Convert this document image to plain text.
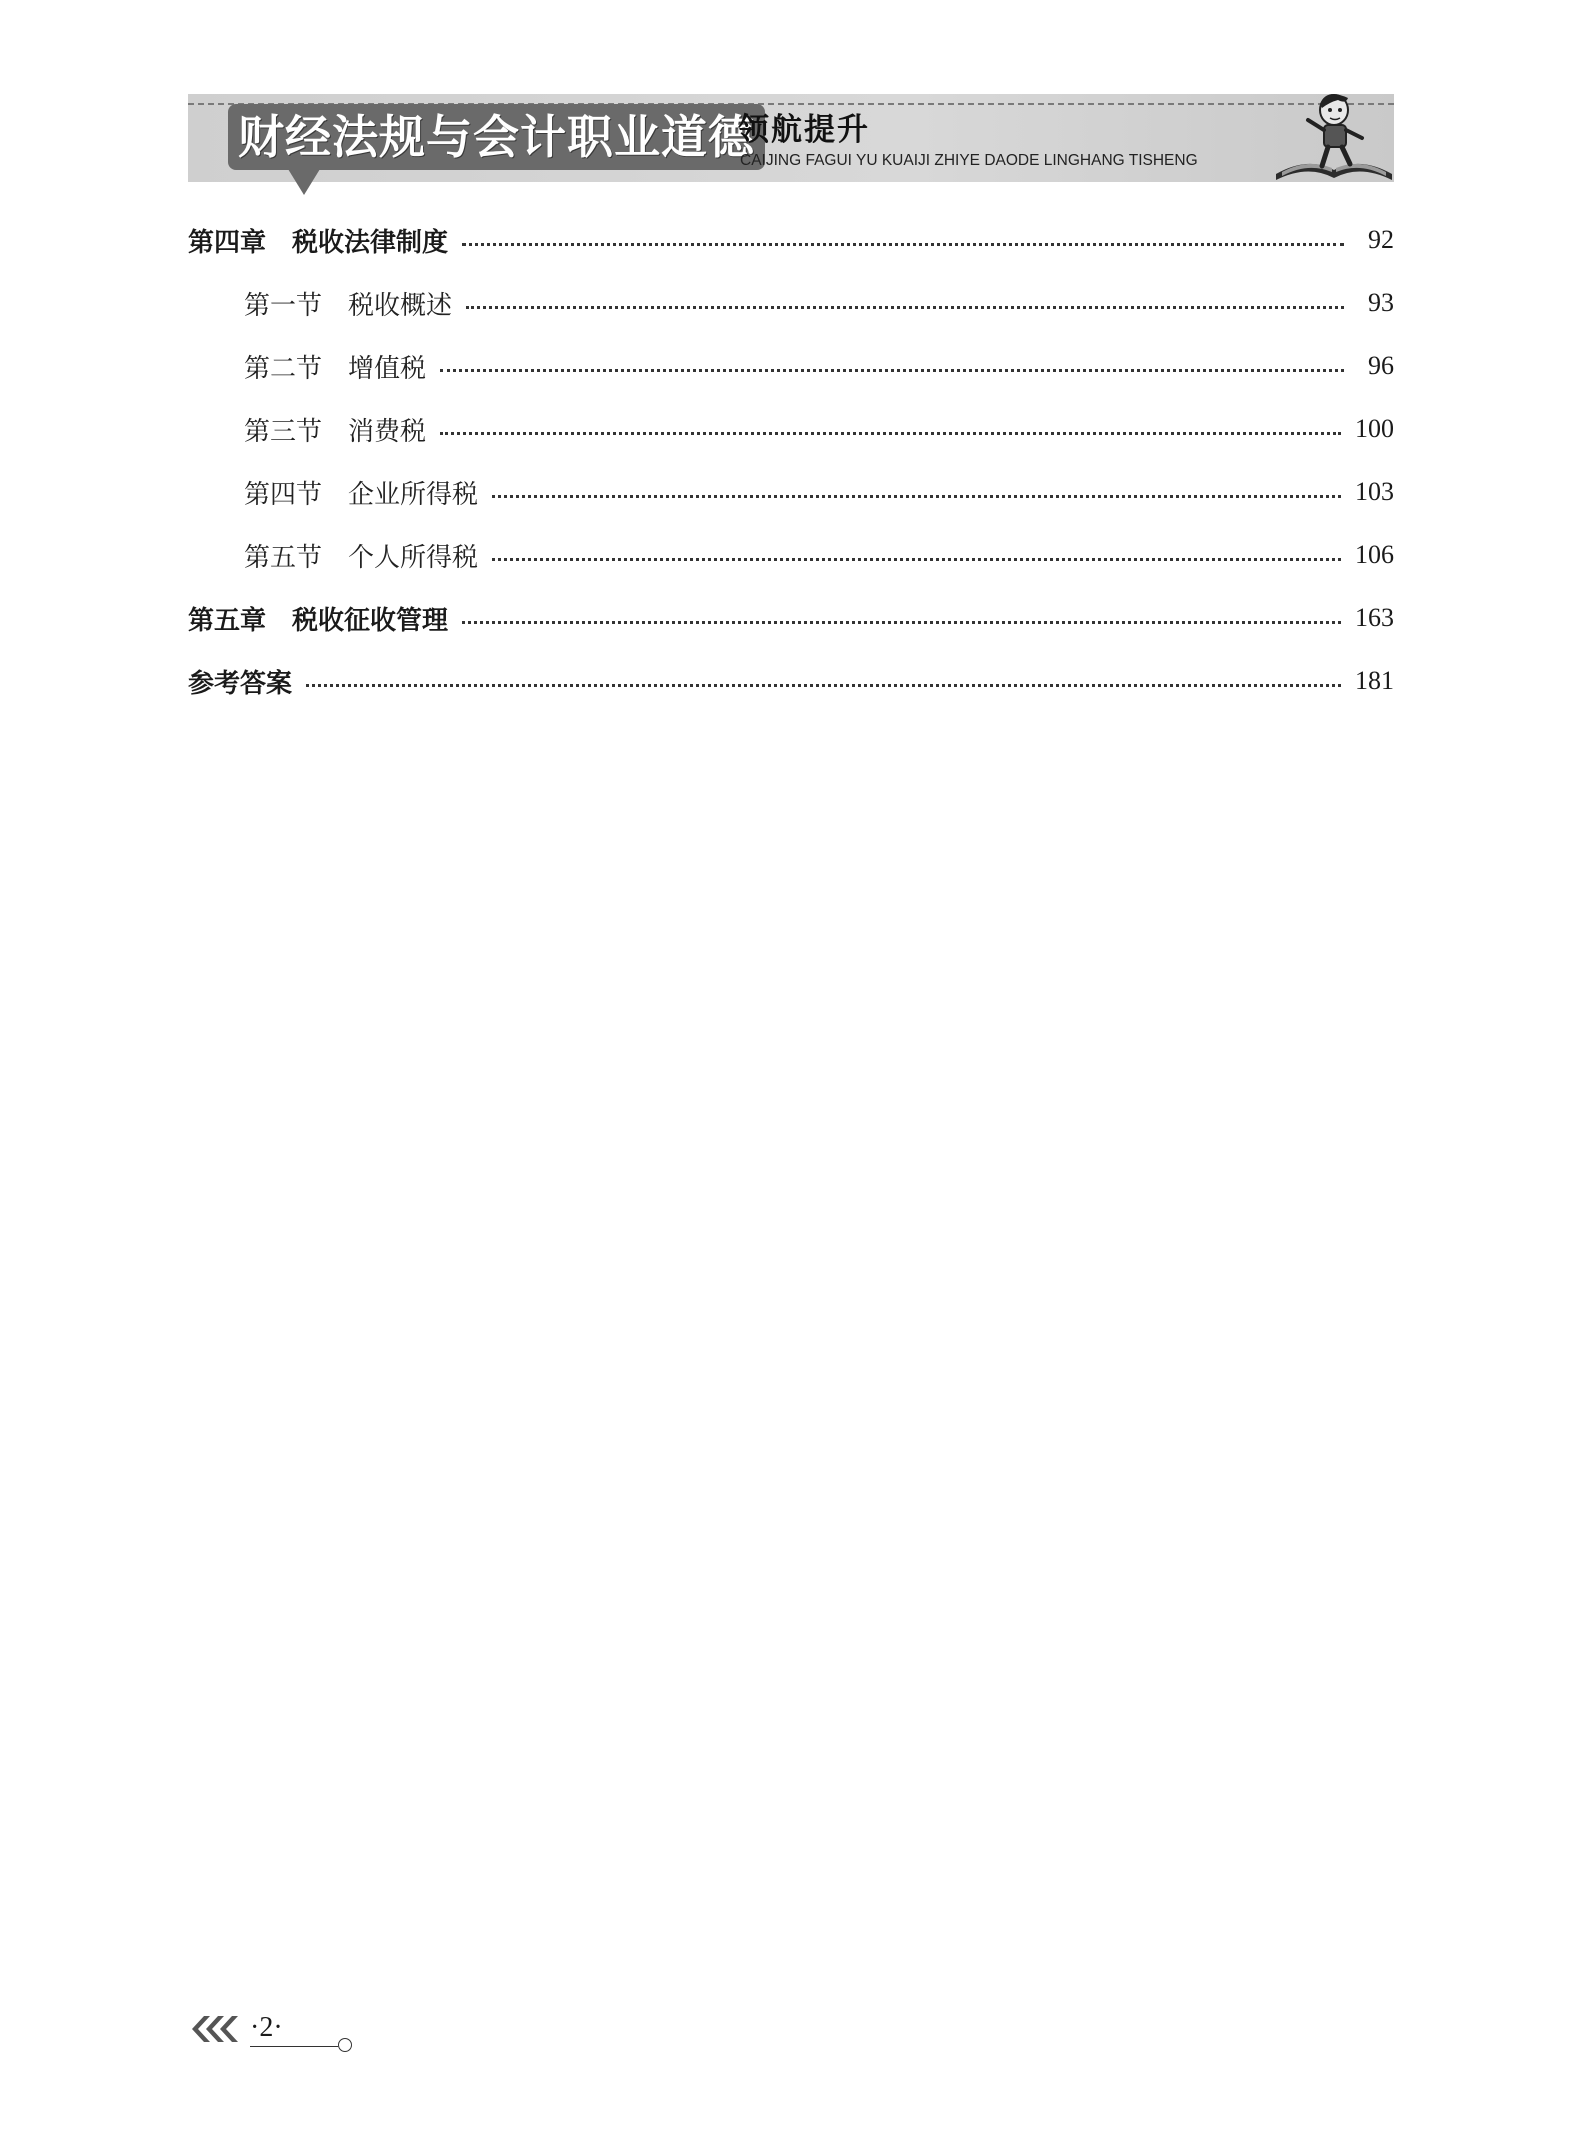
财经法规与会计职业道德
领航提升
CAIJING FAGUI YU KUAIJI ZHIYE DAODE LINGHANG TISHENG
第四章 税收法律制度	92
第一节 税收概述	93
第二节 增值税	96
第三节 消费税	100
第四节 企业所得税	103
第五节 个人所得税	106
第五章 税收征收管理	163
参考答案	181
·2·
